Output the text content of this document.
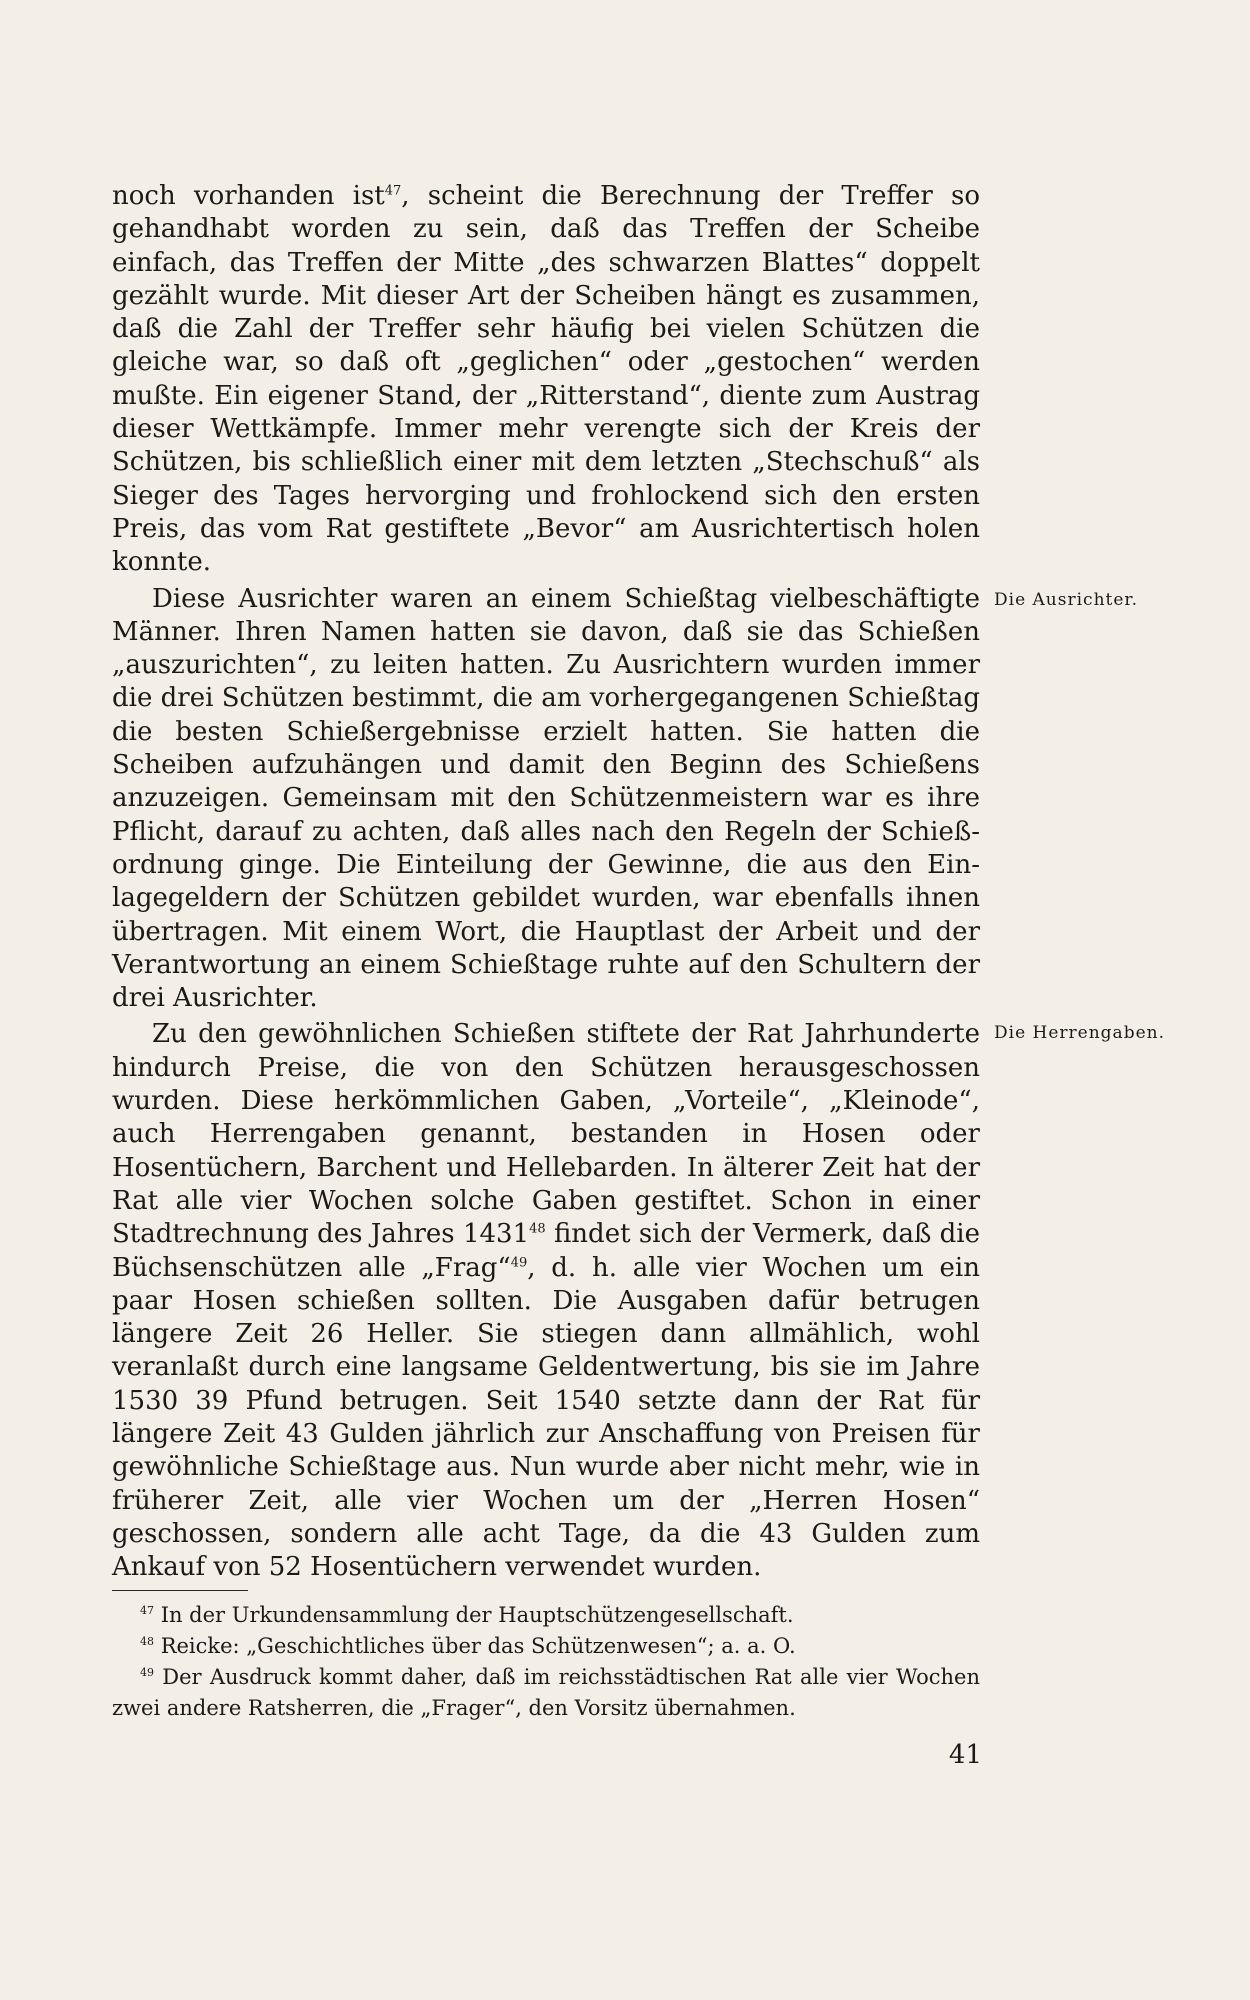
noch vorhanden ist$^{47}$, scheint die Berechnung der Treffer so gehandhabt worden zu sein, daß das Treffen der Scheibe einfach, das Treffen der Mitte „des schwarzen Blattes“ doppelt gezählt wurde. Mit dieser Art der Scheiben hängt es zusammen, daß die Zahl der Treffer sehr häufig bei vielen Schützen die gleiche war, so daß oft „geglichen“ oder „gestochen“ werden mußte. Ein eigener Stand, der „Ritterstand“, diente zum Austrag dieser Wettkämpfe. Immer mehr verengte sich der Kreis der Schützen, bis schließlich einer mit dem letzten „Stechschuß“ als Sieger des Tages hervorging und frohlockend sich den ersten Preis, das vom Rat gestiftete „Bevor“ am Ausrichtertisch holen konnte.

Diese Ausrichter waren an einem Schießtag vielbeschäftigte Männer. Ihren Namen hatten sie davon, daß sie das Schießen „auszurichten“, zu leiten hatten. Zu Ausrichtern wurden immer die drei Schützen bestimmt, die am vorhergegangenen Schießtag die besten Schießergebnisse erzielt hatten. Sie hatten die Scheiben aufzuhängen und damit den Beginn des Schießens anzuzeigen. Gemeinsam mit den Schützenmeistern war es ihre Pflicht, darauf zu achten, daß alles nach den Regeln der Schießordnung ginge. Die Einteilung der Gewinne, die aus den Einlagegeldern der Schützen gebildet wurden, war ebenfalls ihnen übertragen. Mit einem Wort, die Hauptlast der Arbeit und der Verantwortung an einem Schießtage ruhte auf den Schultern der drei Ausrichter.

Zu den gewöhnlichen Schießen stiftete der Rat Jahrhunderte hindurch Preise, die von den Schützen herausgeschossen wurden. Diese herkömmlichen Gaben, „Vorteile“, „Kleinode“, auch Herrengaben genannt, bestanden in Hosen oder Hosentüchern, Barchent und Hellebarden. In älterer Zeit hat der Rat alle vier Wochen solche Gaben gestiftet. Schon in einer Stadtrechnung des Jahres 1431$^{48}$ findet sich der Vermerk, daß die Büchsenschützen alle „Frag“$^{49}$, d. h. alle vier Wochen um ein paar Hosen schießen sollten. Die Ausgaben dafür betrugen längere Zeit 26 Heller. Sie stiegen dann allmählich, wohl veranlaßt durch eine langsame Geldentwertung, bis sie im Jahre 1530 39 Pfund betrugen. Seit 1540 setzte dann der Rat für längere Zeit 43 Gulden jährlich zur Anschaffung von Preisen für gewöhnliche Schießtage aus. Nun wurde aber nicht mehr, wie in früherer Zeit, alle vier Wochen um der „Herren Hosen“ geschossen, sondern alle acht Tage, da die 43 Gulden zum Ankauf von 52 Hosentüchern verwendet wurden.

Die Ausrichter.
Die Herrengaben.

$^{47}$ In der Urkundensammlung der Hauptschützengesellschaft.

$^{48}$ Reicke: „Geschichtliches über das Schützenwesen“; a. a. O.

$^{49}$ Der Ausdruck kommt daher, daß im reichsstädtischen Rat alle vier Wochen zwei andere Ratsherren, die „Frager“, den Vorsitz übernahmen.

41
